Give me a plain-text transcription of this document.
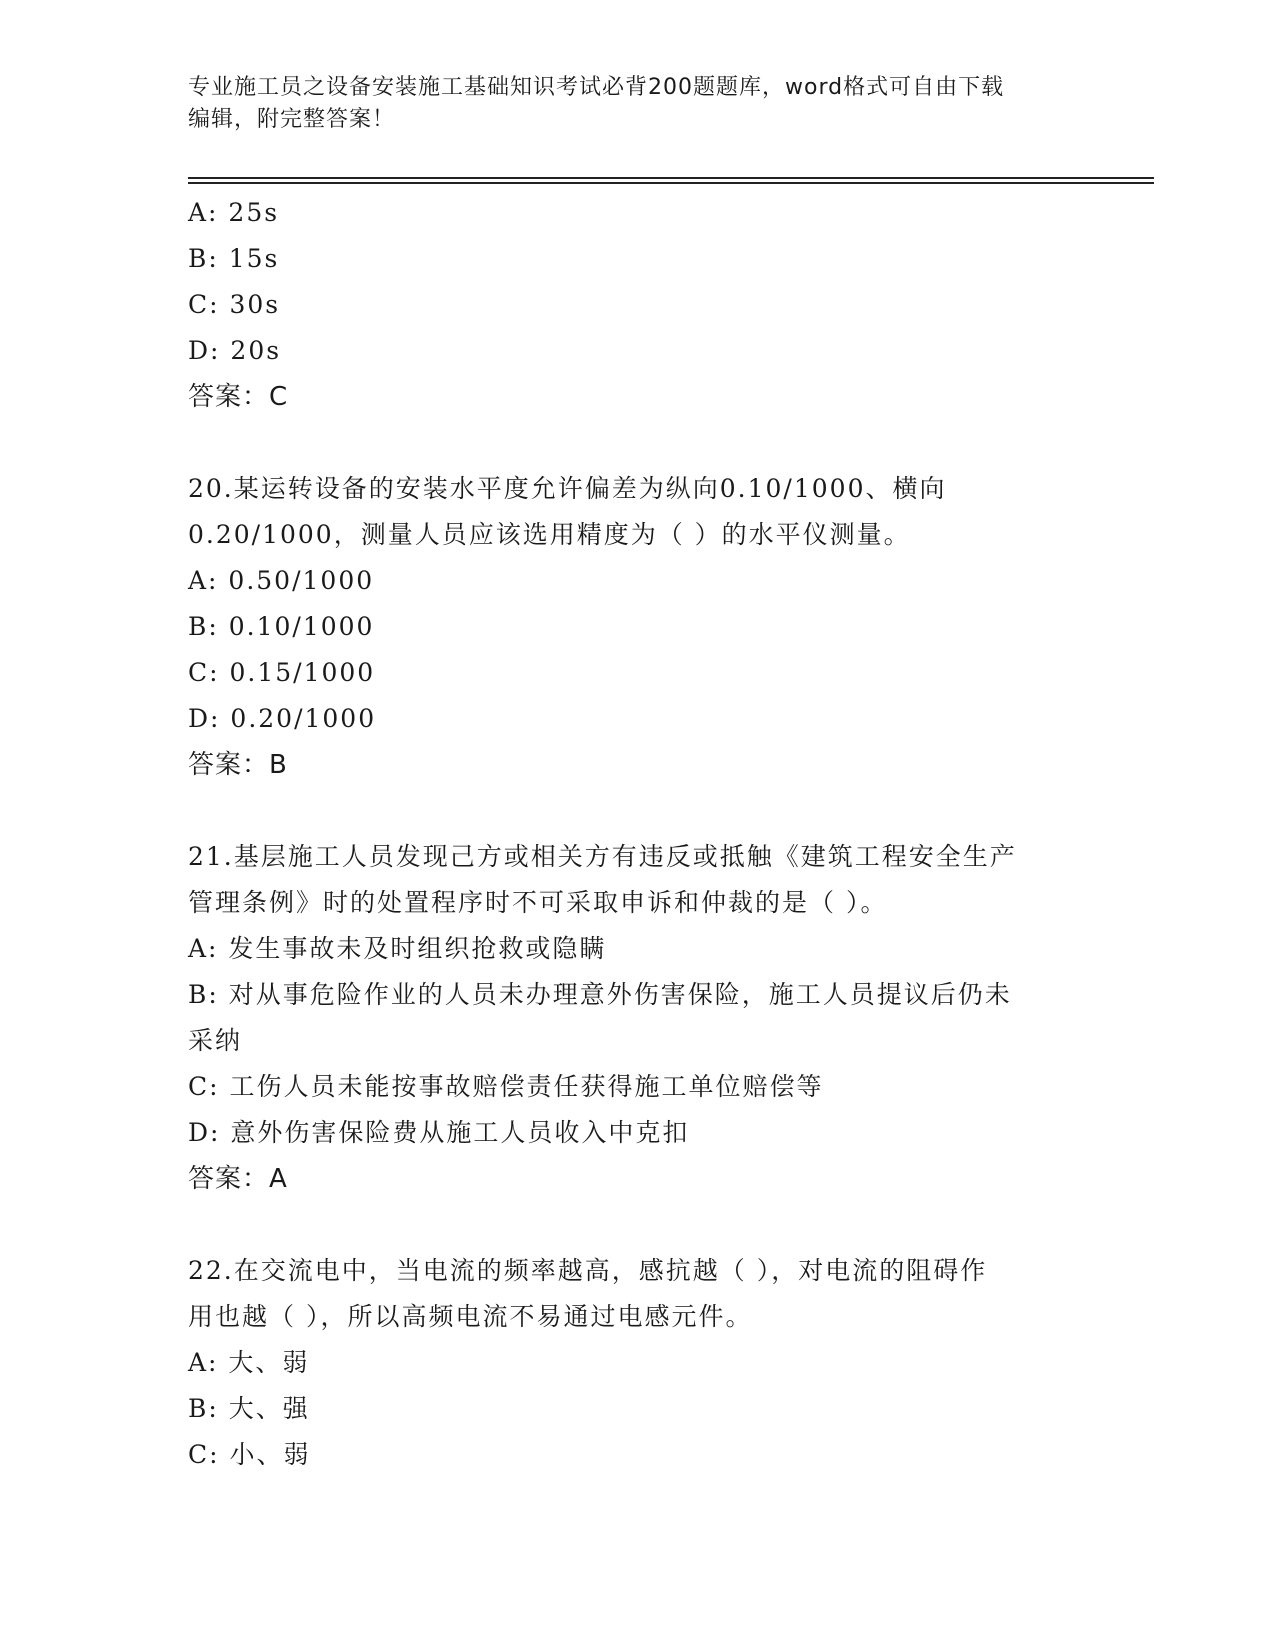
专业施工员之设备安装施工基础知识考试必背200题题库，word格式可自由下载
编辑，附完整答案！
A: 25s
B: 15s
C: 30s
D: 20s
答案：C
20.某运转设备的安装水平度允许偏差为纵向0.10/1000、横向
0.20/1000，测量人员应该选用精度为（ ）的水平仪测量。
A: 0.50/1000
B: 0.10/1000
C: 0.15/1000
D: 0.20/1000
答案：B
21.基层施工人员发现己方或相关方有违反或抵触《建筑工程安全生产
管理条例》时的处置程序时不可采取申诉和仲裁的是（ ）。
A: 发生事故未及时组织抢救或隐瞒
B: 对从事危险作业的人员未办理意外伤害保险，施工人员提议后仍未
采纳
C: 工伤人员未能按事故赔偿责任获得施工单位赔偿等
D: 意外伤害保险费从施工人员收入中克扣
答案：A
22.在交流电中，当电流的频率越高，感抗越（ ），对电流的阻碍作
用也越（ ），所以高频电流不易通过电感元件。
A: 大、弱
B: 大、强
C: 小、弱
